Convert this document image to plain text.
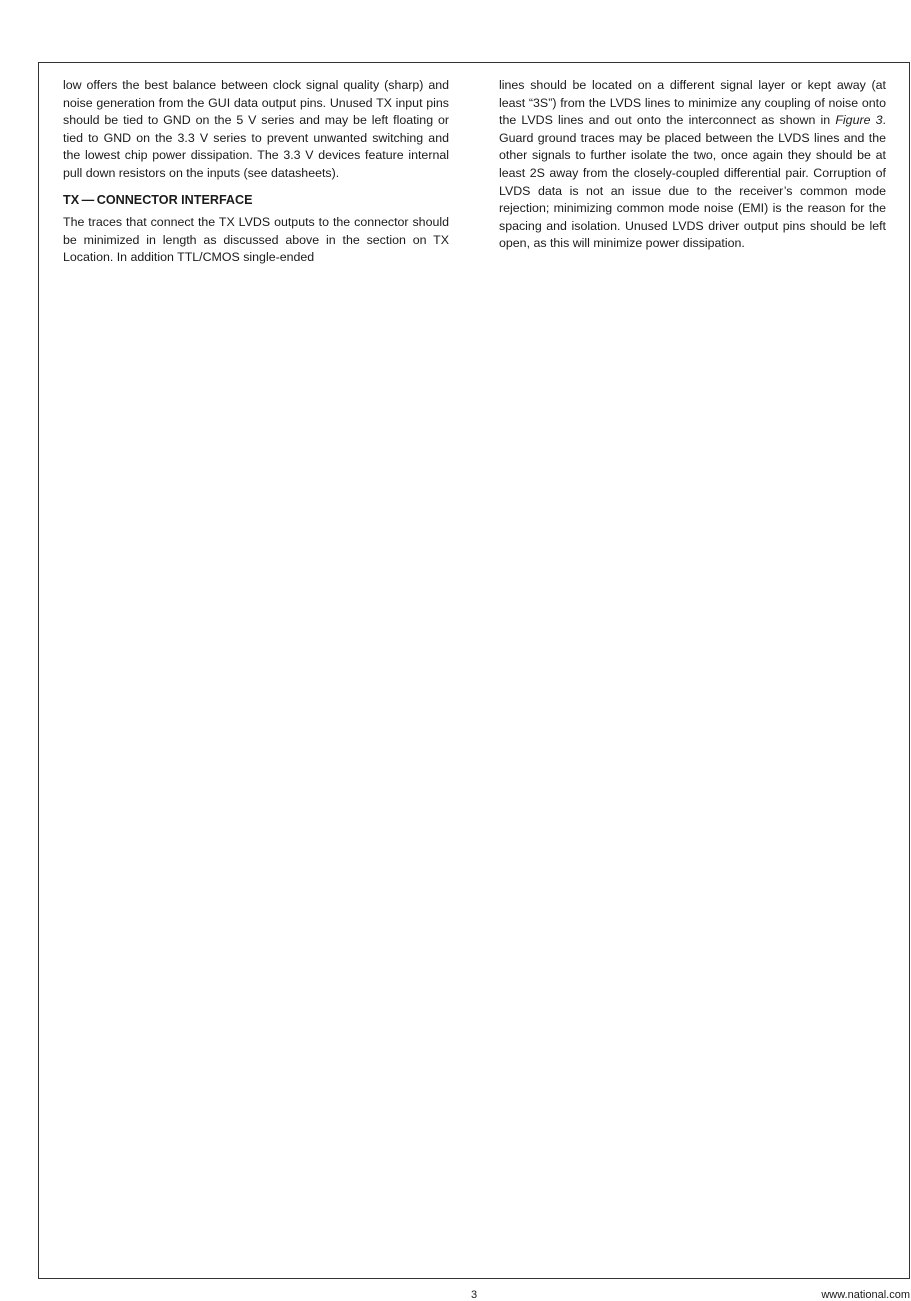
low offers the best balance between clock signal quality (sharp) and noise generation from the GUI data output pins. Unused TX input pins should be tied to GND on the 5 V series and may be left floating or tied to GND on the 3.3 V series to prevent unwanted switching and the lowest chip power dissipation. The 3.3 V devices feature internal pull down resistors on the inputs (see datasheets).

TX — CONNECTOR INTERFACE

The traces that connect the TX LVDS outputs to the connector should be minimized in length as discussed above in the section on TX Location. In addition TTL/CMOS single-ended

lines should be located on a different signal layer or kept away (at least “3S”) from the LVDS lines to minimize any coupling of noise onto the LVDS lines and out onto the interconnect as shown in Figure 3. Guard ground traces may be placed between the LVDS lines and the other signals to further isolate the two, once again they should be at least 2S away from the closely-coupled differential pair. Corruption of LVDS data is not an issue due to the receiver’s common mode rejection; minimizing common mode noise (EMI) is the reason for the spacing and isolation. Unused LVDS driver output pins should be left open, as this will minimize power dissipation.

3	www.national.com
